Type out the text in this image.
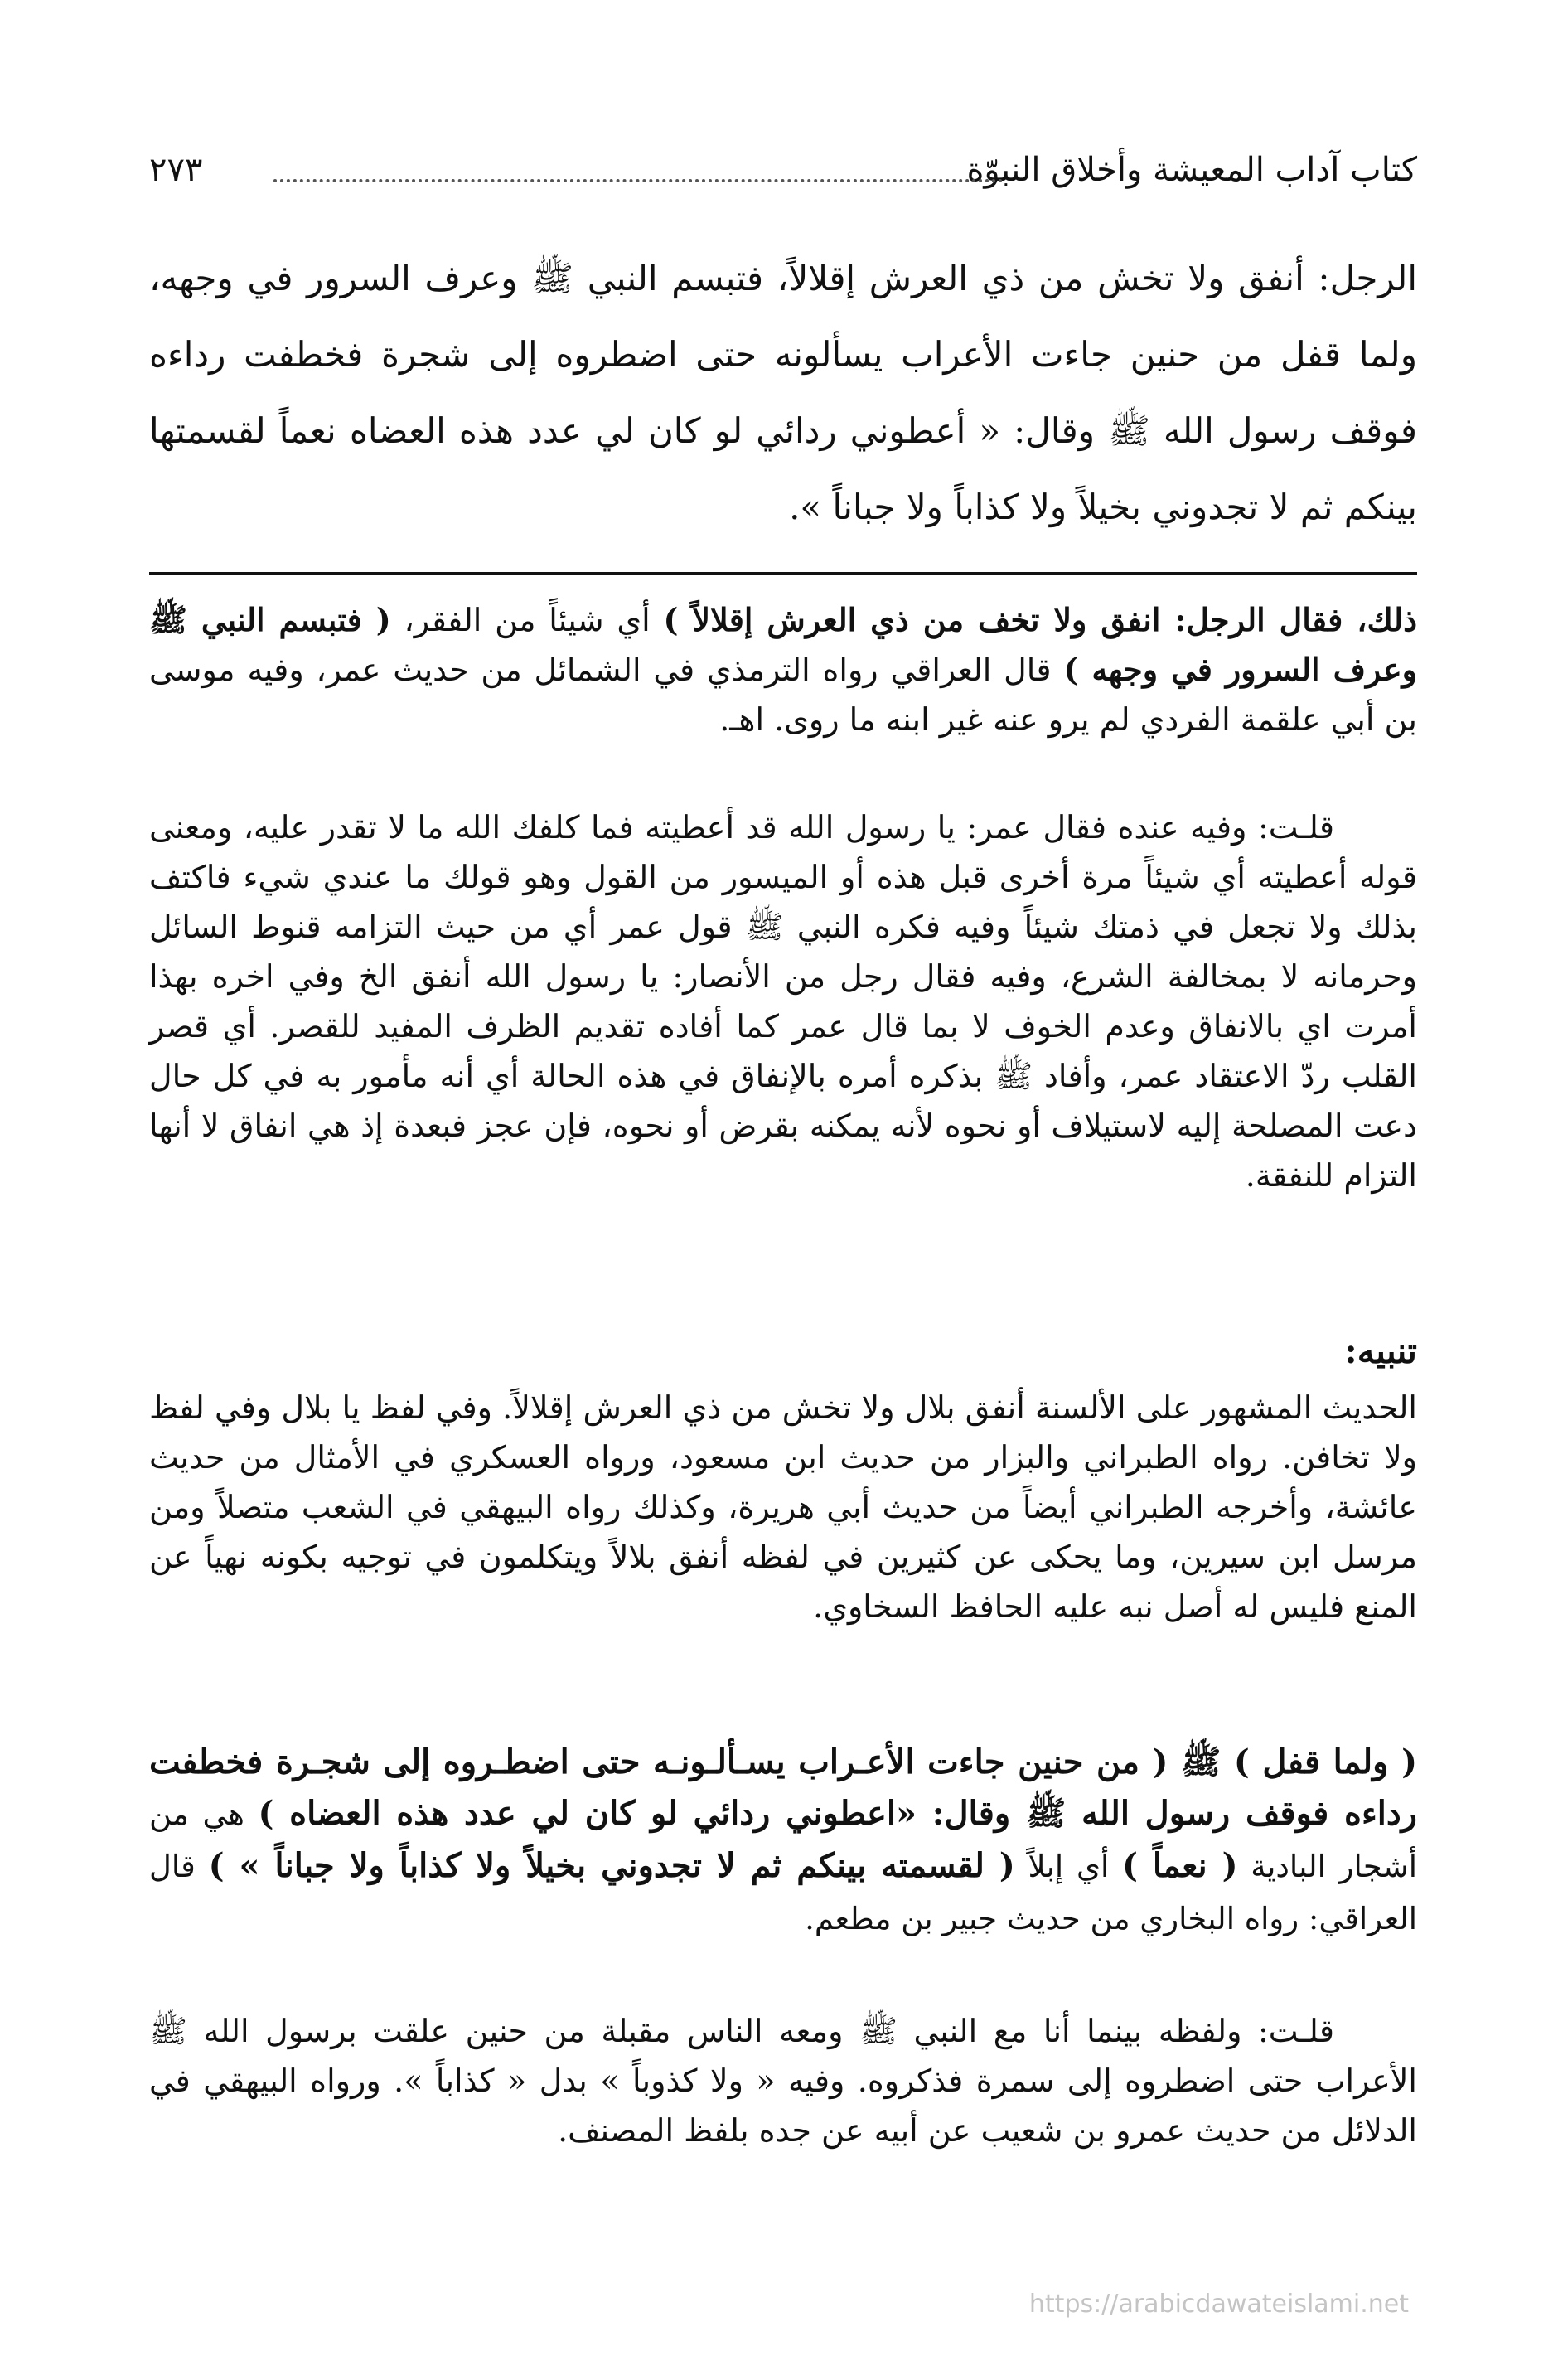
كتاب آداب المعيشة وأخلاق النبوّة
٢٧٣

الرجل: أنفق ولا تخش من ذي العرش إقلالاً، فتبسم النبي ﷺ وعرف السرور في وجهه، ولما قفل من حنين جاءت الأعراب يسألونه حتى اضطروه إلى شجرة فخطفت رداءه فوقف رسول الله ﷺ وقال: « أعطوني ردائي لو كان لي عدد هذه العضاه نعماً لقسمتها بينكم ثم لا تجدوني بخيلاً ولا كذاباً ولا جباناً ».

ذلك، فقال الرجل: انفق ولا تخف من ذي العرش إقلالاً ) أي شيئاً من الفقر، ( فتبسم النبي ﷺ وعرف السرور في وجهه ) قال العراقي رواه الترمذي في الشمائل من حديث عمر، وفيه موسى بن أبي علقمة الفردي لم يرو عنه غير ابنه ما روى. اهـ.

قلـت: وفيه عنده فقال عمر: يا رسول الله قد أعطيته فما كلفك الله ما لا تقدر عليه، ومعنى قوله أعطيته أي شيئاً مرة أخرى قبل هذه أو الميسور من القول وهو قولك ما عندي شيء فاكتف بذلك ولا تجعل في ذمتك شيئاً وفيه فكره النبي ﷺ قول عمر أي من حيث التزامه قنوط السائل وحرمانه لا بمخالفة الشرع، وفيه فقال رجل من الأنصار: يا رسول الله أنفق الخ وفي اخره بهذا أمرت اي بالانفاق وعدم الخوف لا بما قال عمر كما أفاده تقديم الظرف المفيد للقصر. أي قصر القلب ردّ الاعتقاد عمر، وأفاد ﷺ بذكره أمره بالإنفاق في هذه الحالة أي أنه مأمور به في كل حال دعت المصلحة إليه لاستيلاف أو نحوه لأنه يمكنه بقرض أو نحوه، فإن عجز فبعدة إذ هي انفاق لا أنها التزام للنفقة.

تنبيه:

الحديث المشهور على الألسنة أنفق بلال ولا تخش من ذي العرش إقلالاً. وفي لفظ يا بلال وفي لفظ ولا تخافن. رواه الطبراني والبزار من حديث ابن مسعود، ورواه العسكري في الأمثال من حديث عائشة، وأخرجه الطبراني أيضاً من حديث أبي هريرة، وكذلك رواه البيهقي في الشعب متصلاً ومن مرسل ابن سيرين، وما يحكى عن كثيرين في لفظه أنفق بلالاً ويتكلمون في توجيه بكونه نهياً عن المنع فليس له أصل نبه عليه الحافظ السخاوي.

( ولما قفل ) ﷺ ( من حنين جاءت الأعـراب يسـألـونـه حتى اضطـروه إلى شجـرة فخطفت رداءه فوقف رسول الله ﷺ وقال: «اعطوني ردائي لو كان لي عدد هذه العضاه ) هي من أشجار البادية ( نعماً ) أي إبلاً ( لقسمته بينكم ثم لا تجدوني بخيلاً ولا كذاباً ولا جباناً » ) قال العراقي: رواه البخاري من حديث جبير بن مطعم.

قلـت: ولفظه بينما أنا مع النبي ﷺ ومعه الناس مقبلة من حنين علقت برسول الله ﷺ الأعراب حتى اضطروه إلى سمرة فذكروه. وفيه « ولا كذوباً » بدل « كذاباً ». ورواه البيهقي في الدلائل من حديث عمرو بن شعيب عن أبيه عن جده بلفظ المصنف.

https://arabicdawateislami.net
